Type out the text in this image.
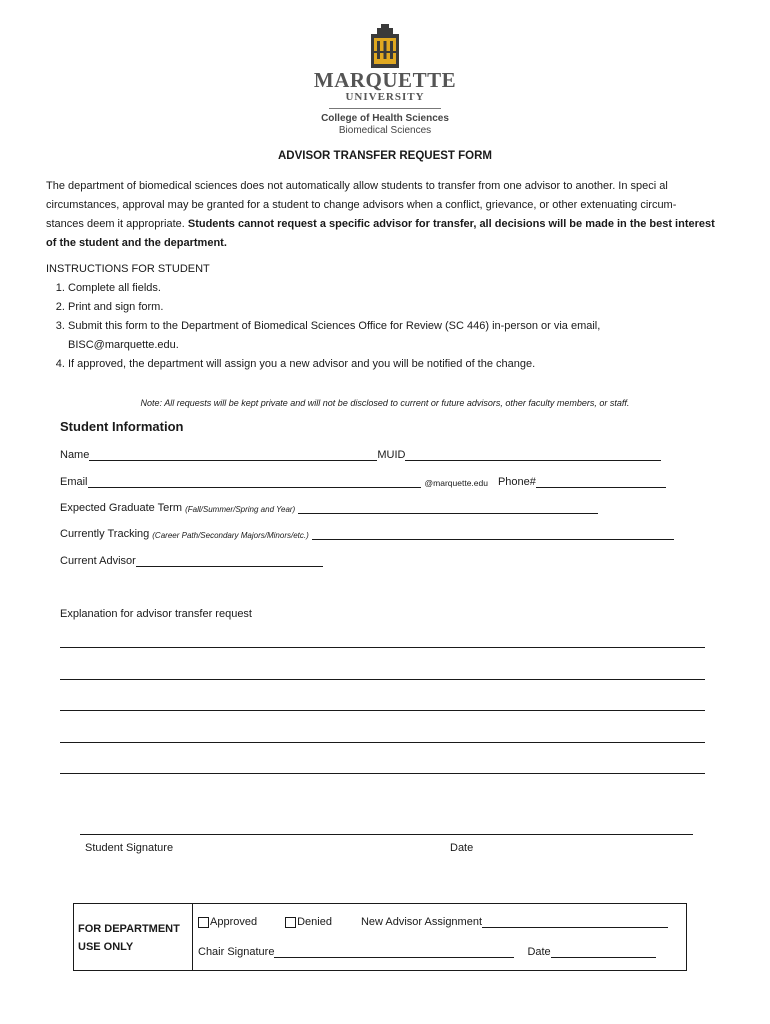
MARQUETTE
UNIVERSITY
College of Health Sciences
Biomedical Sciences
ADVISOR TRANSFER REQUEST FORM
The department of biomedical sciences does not automatically allow students to transfer from one advisor to another. In speci al
circumstances, approval may be granted for a student to change advisors when a conflict, grievance, or other extenuating circum-
stances deem it appropriate. Students cannot request a specific advisor for transfer, all decisions will be made in the best interest
of the student and the department.
INSTRUCTIONS FOR STUDENT
1. Complete all fields.
2. Print and sign form.
3. Submit this form to the Department of Biomedical Sciences Office for Review (SC 446) in-person or via email, BISC@marquette.edu.
4. If approved, the department will assign you a new advisor and you will be notified of the change.
Note: All requests will be kept private and will not be disclosed to current or future advisors, other faculty members, or staff.
Student Information
Name	MUID
Email	@marquette.edu Phone#
Expected Graduate Term (Fall/Summer/Spring and Year)
Currently Tracking (Career Path/Secondary Majors/Minors/etc.)
Current Advisor
Explanation for advisor transfer request
Student Signature	Date
FOR DEPARTMENT
USE ONLY
Approved	Denied	New Advisor Assignment
Chair Signature	Date
